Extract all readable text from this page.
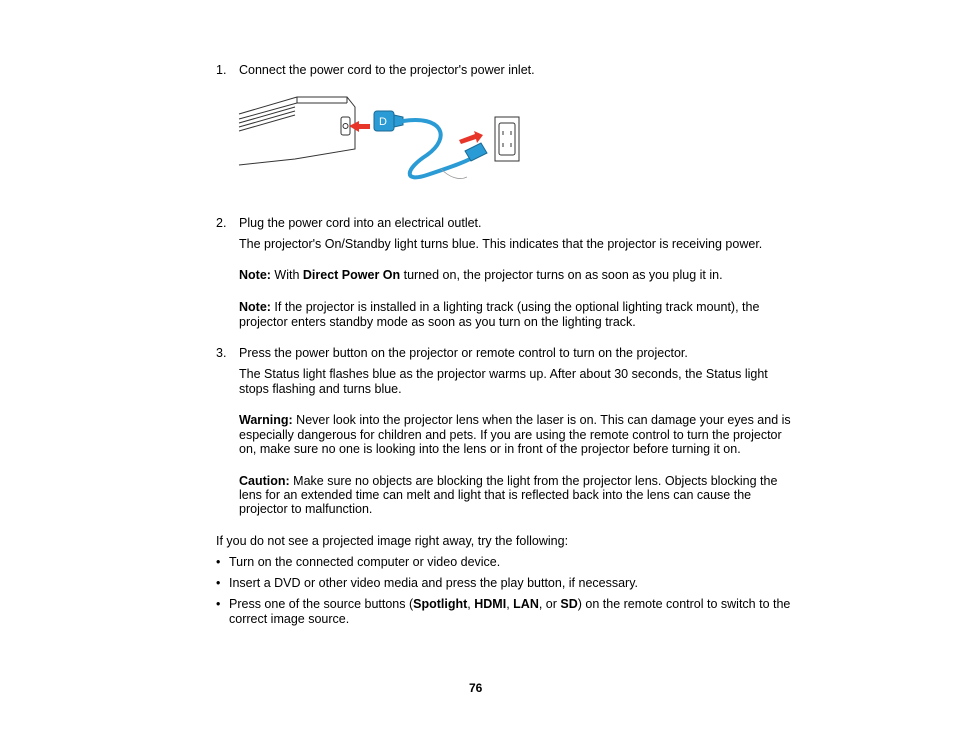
1.	Connect the power cord to the projector's power inlet.
D
2.	Plug the power cord into an electrical outlet.
The projector's On/Standby light turns blue. This indicates that the projector is receiving power.

Note: With Direct Power On turned on, the projector turns on as soon as you plug it in.

Note: If the projector is installed in a lighting track (using the optional lighting track mount), the

projector enters standby mode as soon as you turn on the lighting track.
3.	Press the power button on the projector or remote control to turn on the projector.
The Status light flashes blue as the projector warms up. After about 30 seconds, the Status light
stops flashing and turns blue.

Warning: Never look into the projector lens when the laser is on. This can damage your eyes and is

especially dangerous for children and pets. If you are using the remote control to turn the projector
on, make sure no one is looking into the lens or in front of the projector before turning it on.

Caution: Make sure no objects are blocking the light from the projector lens. Objects blocking the

lens for an extended time can melt and light that is reflected back into the lens can cause the
projector to malfunction.
If you do not see a projected image right away, try the following:
• Turn on the connected computer or video device.
• Insert a DVD or other video media and press the play button, if necessary.
• Press one of the source buttons (Spotlight, HDMI, LAN, or SD) on the remote control to switch to the

correct image source.
76
